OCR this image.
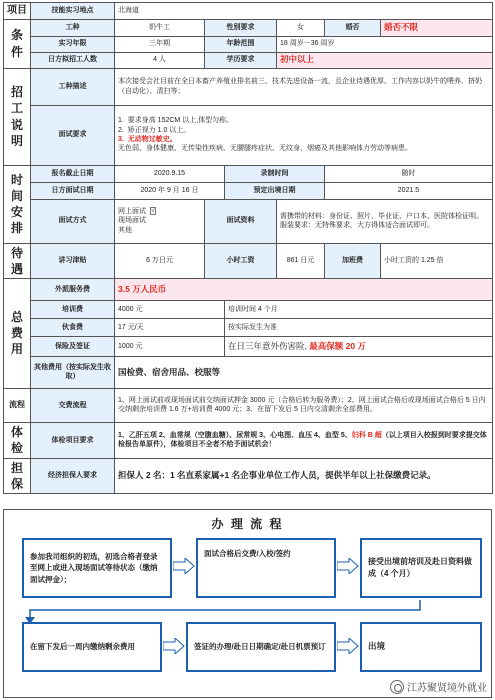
项目	技能实习地点	北海道					
条件	工种	奶牛工	性别要求		女	婚否	婚否不限
	实习年限	三年期	年龄范围		18 周岁－36 周岁		
	日方拟招工人数	4 人	学历要求		初中以上		
招工说明	工种描述	本次接受会社目前在全日本畜产养殖业排名前三，技术先进设备一流，且企业待遇优厚。工作内容以奶牛的喂养、挤奶（自动化）、清扫等；					
	面试要求	1.  要求身高 152CM 以上,体型匀称。
2.  矫正视力 1.0 以上。
3.  无动物过敏史。
无色弱、身体健康、无传染性疾病、无腰腿疼症状、无纹身、烟癌及其他影响体力劳动等病患。					

时间安排	报名截止日期	2020.9.15		录制时间		随时	
	日方面试日期	2020 年 9 月 16 日		预定出境日期		2021.5	
	面试方式	网上面试 √
现场面试
其他	面试资料		需携带的材料：身份证、照片、毕业证、户口本、医院体检证明。服装要求：无特殊要求，大方得体适合面试即可。		
待遇	讲习津贴	6 万日元	小时工资		861 日元	加班费	小时工资的 1.25 倍
总费用	外派服务费	3.5 万人民币					
	培训费	4000 元		培训时间 4 个月			
	伙食费	17 元/天		按实际发生为准			
	保险及签证	1000 元		在日三年意外伤害险, 最高保额 20 万			
	其他费用（按实际发生收取）	国检费、宿舍用品、校服等					
流程	交费流程	1、网上面试前或现场面试前交纳面试押金 3000 元（合格后转为服务费）；2、网上面试合格后或现场面试合格后 5 日内交纳剩余培训费 1.6 万+培训费 4000 元；3、在留下发后 5 日内交清剩余全部费用。					
体检	体检项目要求	1、乙肝五项 2、血常规（空腹血糖）、尿常规 3、心电图、血压 4、血型 5、妇科 B 超（以上项目入校报到时要求提交体检报告单原件），体检项目不全者不给予面试机会！					
担保	经济担保人要求	担保人 2 名：1 名直系家属+1 名企事业单位工作人员，提供半年以上社保缴费记录。					
办 理 流 程
参加我司组织的初选，初选合格者登录至网上或进入现场面试等待状态（缴纳面试押金）；
面试合格后交费/入校/签约
接受出境前培训及赴日资料做成（4 个月）
在留下发后一周内缴纳剩余费用	签证的办理/赴日日期确定/赴日机票预订	出境
江苏聚贤境外就业
